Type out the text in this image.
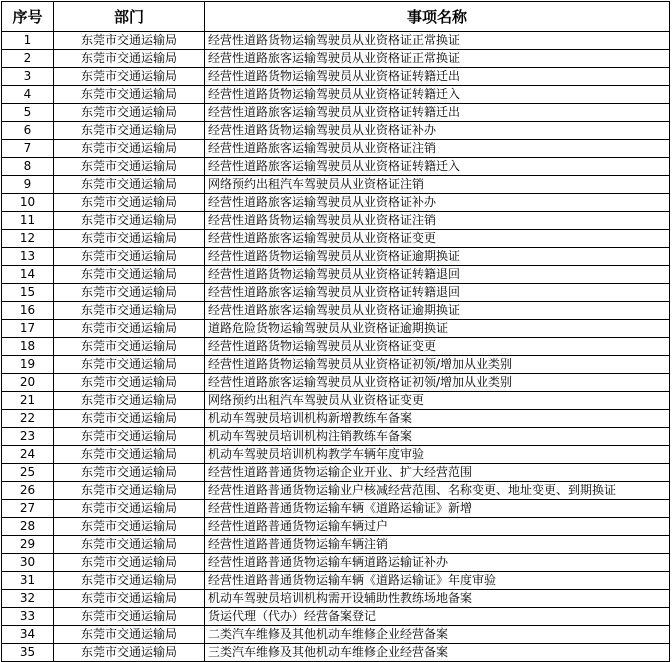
序号	部门	事项名称
1	东莞市交通运输局	经营性道路货物运输驾驶员从业资格证正常换证
2	东莞市交通运输局	经营性道路旅客运输驾驶员从业资格证正常换证
3	东莞市交通运输局	经营性道路货物运输驾驶员从业资格证转籍迁出
4	东莞市交通运输局	经营性道路货物运输驾驶员从业资格证转籍迁入
5	东莞市交通运输局	经营性道路旅客运输驾驶员从业资格证转籍迁出
6	东莞市交通运输局	经营性道路货物运输驾驶员从业资格证补办
7	东莞市交通运输局	经营性道路旅客运输驾驶员从业资格证注销
8	东莞市交通运输局	经营性道路旅客运输驾驶员从业资格证转籍迁入
9	东莞市交通运输局	网络预约出租汽车驾驶员从业资格证注销
10	东莞市交通运输局	经营性道路旅客运输驾驶员从业资格证补办
11	东莞市交通运输局	经营性道路货物运输驾驶员从业资格证注销
12	东莞市交通运输局	经营性道路旅客运输驾驶员从业资格证变更
13	东莞市交通运输局	经营性道路货物运输驾驶员从业资格证逾期换证
14	东莞市交通运输局	经营性道路货物运输驾驶员从业资格证转籍退回
15	东莞市交通运输局	经营性道路旅客运输驾驶员从业资格证转籍退回
16	东莞市交通运输局	经营性道路旅客运输驾驶员从业资格证逾期换证
17	东莞市交通运输局	道路危险货物运输驾驶员从业资格证逾期换证
18	东莞市交通运输局	经营性道路货物运输驾驶员从业资格证变更
19	东莞市交通运输局	经营性道路货物运输驾驶员从业资格证初领/增加从业类别
20	东莞市交通运输局	经营性道路旅客运输驾驶员从业资格证初领/增加从业类别
21	东莞市交通运输局	网络预约出租汽车驾驶员从业资格证变更
22	东莞市交通运输局	机动车驾驶员培训机构新增教练车备案
23	东莞市交通运输局	机动车驾驶员培训机构注销教练车备案
24	东莞市交通运输局	机动车驾驶员培训机构教学车辆年度审验
25	东莞市交通运输局	经营性道路普通货物运输企业开业、扩大经营范围
26	东莞市交通运输局	经营性道路普通货物运输业户核减经营范围、名称变更、地址变更、到期换证
27	东莞市交通运输局	经营性道路普通货物运输车辆《道路运输证》新增
28	东莞市交通运输局	经营性道路普通货物运输车辆过户
29	东莞市交通运输局	经营性道路普通货物运输车辆注销
30	东莞市交通运输局	经营性道路普通货物运输车辆道路运输证补办
31	东莞市交通运输局	经营性道路普通货物运输车辆《道路运输证》年度审验
32	东莞市交通运输局	机动车驾驶员培训机构需开设辅助性教练场地备案
33	东莞市交通运输局	货运代理（代办）经营备案登记
34	东莞市交通运输局	二类汽车维修及其他机动车维修企业经营备案
35	东莞市交通运输局	三类汽车维修及其他机动车维修企业经营备案
